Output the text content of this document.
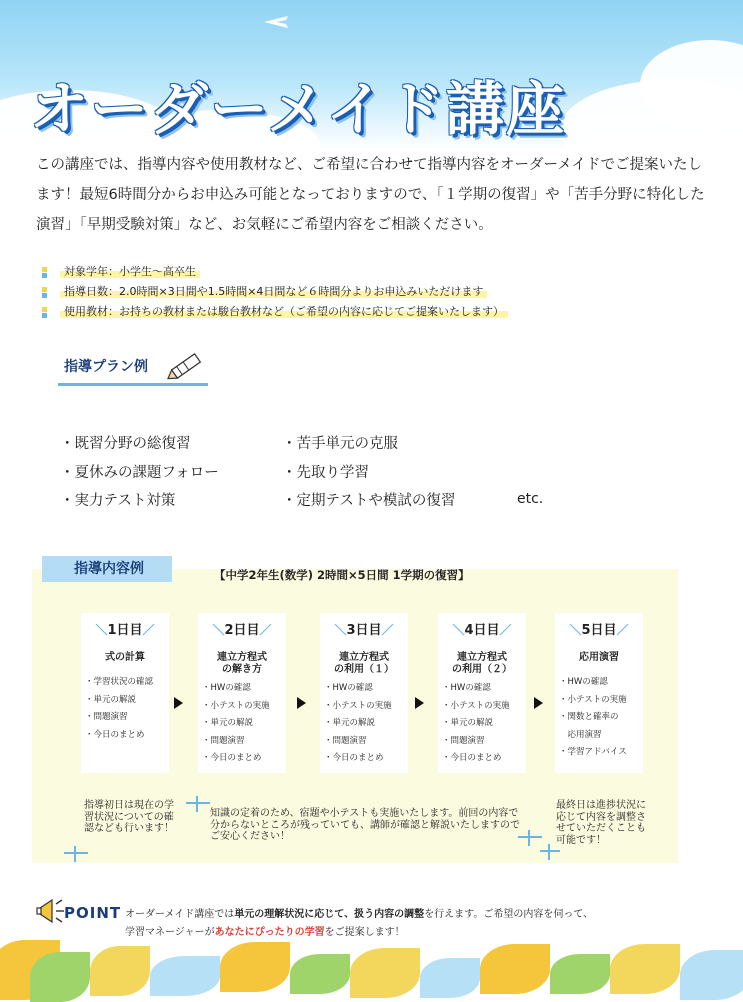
オーダーメイド講座
この講座では、指導内容や使用教材など、ご希望に合わせて指導内容をオーダーメイドでご提案いたします！最短6時間分からお申込み可能となっておりますので、「１学期の復習」や「苦手分野に特化した演習」「早期受験対策」など、お気軽にご希望内容をご相談ください。
対象学年：小学生～高卒生
指導日数：2.0時間×3日間や1.5時間×4日間など６時間分よりお申込みいただけます
使用教材：お持ちの教材または駿台教材など（ご希望の内容に応じてご提案いたします）
指導プラン例
・既習分野の総復習
・夏休みの課題フォロー
・実力テスト対策
・苦手単元の克服
・先取り学習
・定期テストや模試の復習	etc.
指導内容例	【中学2年生(数学) 2時間×5日間 1学期の復習】
＼1日目／
式の計算
・学習状況の確認
・単元の解説
・問題演習
・今日のまとめ
＼2日目／
連立方程式
の解き方
・HWの確認
・小テストの実施
・単元の解説
・問題演習
・今日のまとめ
＼3日目／
連立方程式
の利用（１）
・HWの確認
・小テストの実施
・単元の解説
・問題演習
・今日のまとめ
＼4日目／
連立方程式
の利用（２）
・HWの確認
・小テストの実施
・単元の解説
・問題演習
・今日のまとめ
＼5日目／
応用演習
・HWの確認
・小テストの実施
・関数と確率の
　応用演習
・学習アドバイス
指導初日は現在の学習状況についての確認なども行います！
知識の定着のため、宿題や小テストも実施いたします。前回の内容で分からないところが残っていても、講師が確認と解説いたしますのでご安心ください！
最終日は進捗状況に応じて内容を調整させていただくことも可能です！
POINT オーダーメイド講座では単元の理解状況に応じて、扱う内容の調整を行えます。ご希望の内容を伺って、
学習マネージャーがあなたにぴったりの学習をご提案します！
